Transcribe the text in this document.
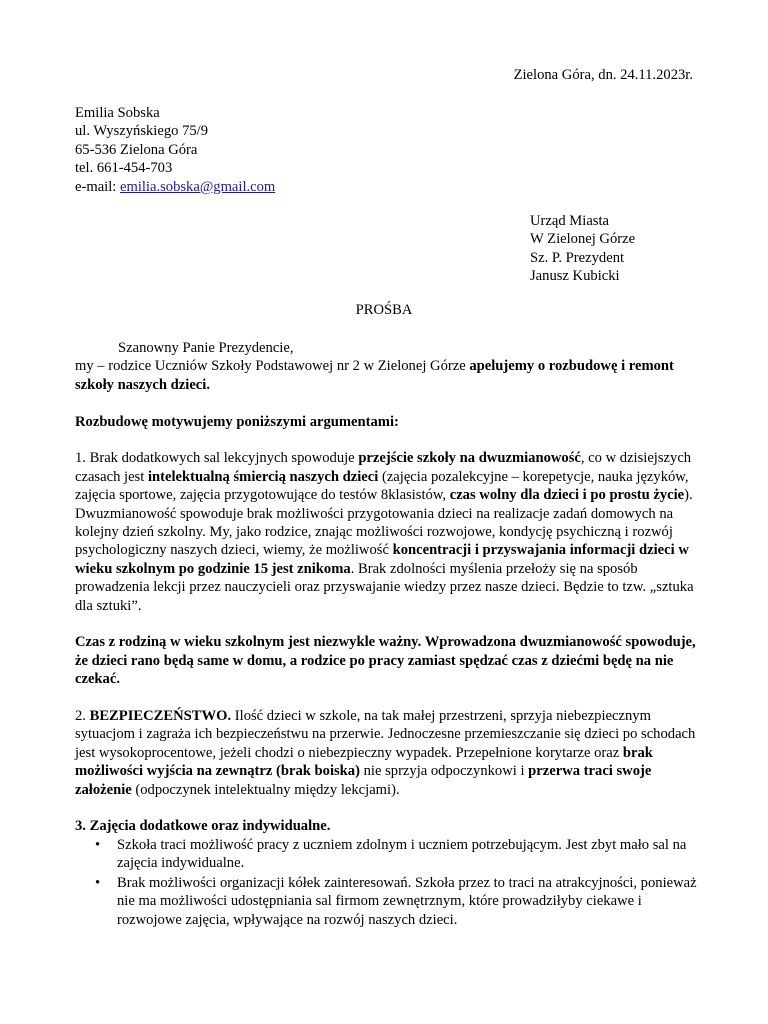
Zielona Góra, dn. 24.11.2023r.
Emilia Sobska
ul. Wyszyńskiego 75/9
65-536 Zielona Góra
tel. 661-454-703
e-mail: emilia.sobska@gmail.com
Urząd Miasta
W Zielonej Górze
Sz. P. Prezydent
Janusz Kubicki
PROŚBA

Szanowny Panie Prezydencie,

my – rodzice Uczniów Szkoły Podstawowej nr 2 w Zielonej Górze apelujemy o rozbudowę i remont szkoły naszych dzieci.

Rozbudowę motywujemy poniższymi argumentami:

1. Brak dodatkowych sal lekcyjnych spowoduje przejście szkoły na dwuzmianowość, co w dzisiejszych czasach jest intelektualną śmiercią naszych dzieci (zajęcia pozalekcyjne – korepetycje, nauka języków, zajęcia sportowe, zajęcia przygotowujące do testów 8klasistów, czas wolny dla dzieci i po prostu życie). Dwuzmianowość spowoduje brak możliwości przygotowania dzieci na realizacje zadań domowych na kolejny dzień szkolny. My, jako rodzice, znając możliwości rozwojowe, kondycję psychiczną i rozwój psychologiczny naszych dzieci, wiemy, że możliwość koncentracji i przyswajania informacji dzieci w wieku szkolnym po godzinie 15 jest znikoma. Brak zdolności myślenia przełoży się na sposób prowadzenia lekcji przez nauczycieli oraz przyswajanie wiedzy przez nasze dzieci. Będzie to tzw. „sztuka dla sztuki”.

Czas z rodziną w wieku szkolnym jest niezwykle ważny. Wprowadzona dwuzmianowość spowoduje, że dzieci rano będą same w domu, a rodzice po pracy zamiast spędzać czas z dziećmi będę na nie czekać.

2. BEZPIECZEŃSTWO. Ilość dzieci w szkole, na tak małej przestrzeni, sprzyja niebezpiecznym sytuacjom i zagraża ich bezpieczeństwu na przerwie. Jednoczesne przemieszczanie się dzieci po schodach jest wysokoprocentowe, jeżeli chodzi o niebezpieczny wypadek. Przepełnione korytarze oraz brak możliwości wyjścia na zewnątrz (brak boiska) nie sprzyja odpoczynkowi i przerwa traci swoje założenie (odpoczynek intelektualny między lekcjami).

3. Zajęcia dodatkowe oraz indywidualne.

• Szkoła traci możliwość pracy z uczniem zdolnym i uczniem potrzebującym. Jest zbyt mało sal na zajęcia indywidualne.
• Brak możliwości organizacji kółek zainteresowań. Szkoła przez to traci na atrakcyjności, ponieważ nie ma możliwości udostępniania sal firmom zewnętrznym, które prowadziłyby ciekawe i rozwojowe zajęcia, wpływające na rozwój naszych dzieci.
